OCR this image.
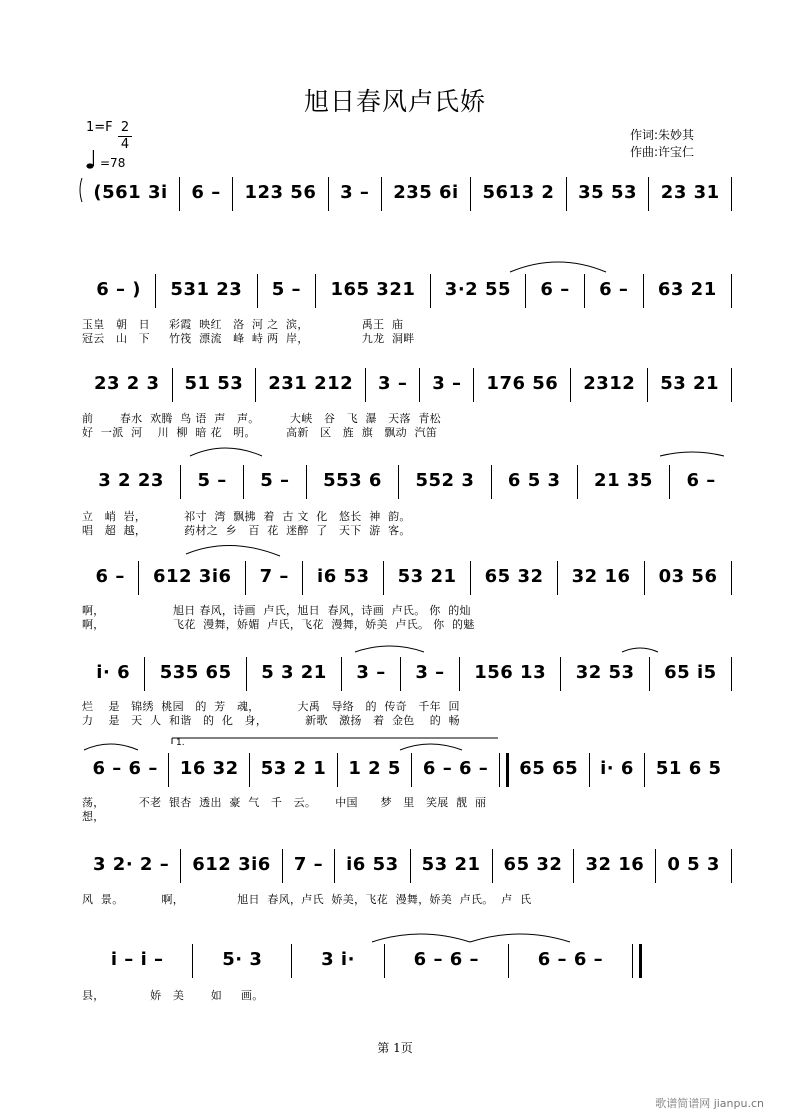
旭日春风卢氏娇
1=F 2
4
=78
作词:朱妙其
作曲:许宝仁
(561 3i	6 –	123 56	3 –	235 6i	5613 2	35 53	23 31
6 – )	531 23	5 –	165 321	3·2 55	6 –	6 –	63 21
玉皇   朝   日     彩霞  映红   洛  河 之  滨，              禹王  庙
冠云   山   下     竹筏  漂流   峰  峙 两  岸，              九龙  洞畔
23 2 3	51 53	231 212	3 –	3 –	176 56	2312	53 21
前       春水  欢腾  鸟 语  声   声。        大峡   谷   飞  瀑   天落  青松
好  一派  河    川  柳  暗 花   明。        高新   区   旌  旗   飘动  汽笛
3 2 23	5 –	5 –	553 6	552 3	6 5 3	21 35	6 –
立   峭  岩，          祁寸  湾  飘拂  着  古 文  化   悠长  神  韵。
唱   超  越，          药材之  乡   百  花  迷醉  了   天下  游  客。
6 –	612 3i6	7 –	i6 53	53 21	65 32	32 16	03 56
啊，                  旭日 春风，诗画  卢氏，旭日  春风，诗画  卢氏。 你  的灿
啊，                  飞花  漫舞，娇媚  卢氏，飞花  漫舞，娇美  卢氏。 你  的魅
i· 6	535 65	5 3 21	3 –	3 –	156 13	32 53	65 i5
烂    是   锦绣  桃园   的  芳   魂，          大禹   导络   的  传奇   千年  回
力    是   天  人  和谐   的  化   身，          新歌   激扬   着  金色    的  畅
6 – 6 –	16 32	53 2 1	1 2 5	6 – 6 –	65 65	i· 6	51 6 5
1.
荡，         不老  银杏  透出  豪  气   千   云。     中国      梦   里   笑展  靓  丽
想，
3 2· 2 –	612 3i6	7 –	i6 53	53 21	65 32	32 16	0 5 3
风  景。          啊，              旭日  春风，卢氏  娇美，飞花  漫舞，娇美  卢氏。  卢  氏
i – i –	5· 3	3 i·	6 – 6 –	6 – 6 –
县，            娇   美       如     画。
第 1页
歌谱简谱网 jianpu.cn
